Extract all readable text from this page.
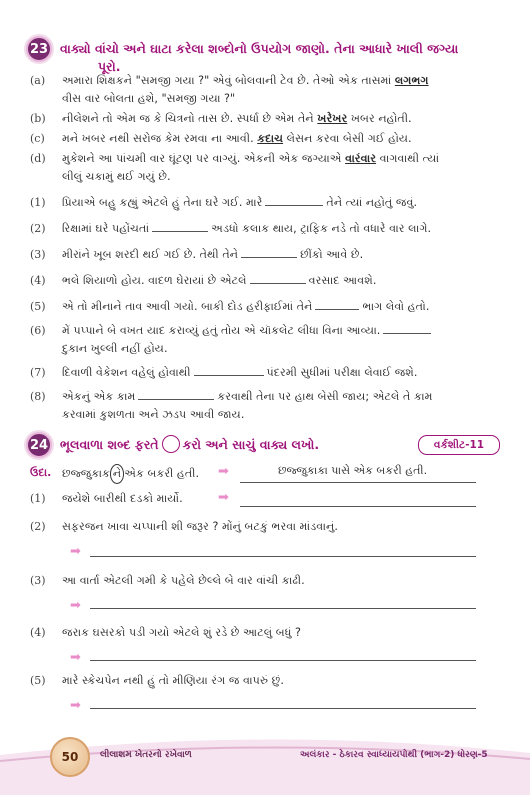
23 વાક્યો વાંચો અને ઘાટા કરેલા શબ્દોનો ઉપયોગ જાણો. તેના આધારે ખાલી જગ્યા
પૂરો.
(a)	અમારા શિક્ષકને "સમજી ગયા ?" એવું બોલવાની ટેવ છે. તેઓ એક તાસમાં લગભગ
વીસ વાર બોલતા હશે, "સમજી ગયા ?"
(b)	નીલેશને તો એમ જ કે ચિત્રનો તાસ છે. સ્પર્ધા છે એમ તેને ખરેખર ખબર નહોતી.
(c)	મને ખબર નથી સરોજ કેમ રમવા ના આવી. કદાચ લેસન કરવા બેસી ગઈ હોય.
(d)	મુકેશને આ પાંચમી વાર ઘૂંટણ પર વાગ્યું. એકની એક જગ્યાએ વારંવાર વાગવાથી ત્યાં
લીલું ચકામું થઈ ગયું છે.
(1)	પ્રિયાએ બહુ કહ્યું એટલે હું તેના ઘરે ગઈ. મારે	તેને ત્યાં નહોતું જવું.
(2)	રિક્ષામાં ઘરે પહોંચતાં	અડધો કલાક થાય, ટ્રાફિક નડે તો વધારે વાર લાગે.
(3)	મીરાંને ખૂબ શરદી થઈ ગઈ છે. તેથી તેને	છીંકો આવે છે.
(4)	ભલે શિયાળો હોય. વાદળ ઘેરાયાં છે એટલે	વરસાદ આવશે.
(5)	એ તો મીનાને તાવ આવી ગયો. બાકી દોડ હરીફાઈમાં તેને	ભાગ લેવો હતો.
(6)	મેં પપ્પાને બે વખત યાદ કરાવ્યું હતું તોય એ ચૉકલેટ લીધા વિના આવ્યા.
દુકાન ખુલ્લી નહીં હોય.
(7)	દિવાળી વેકેશન વહેલું હોવાથી	પંદરમી સુધીમાં પરીક્ષા લેવાઈ જશે.
(8)	એકનું એક કામ	કરવાથી તેના પર હાથ બેસી જાય; એટલે તે કામ
કરવામાં કુશળતા અને ઝડપ આવી જાય.
24 ભૂલવાળા શબ્દ ફરતે કરો અને સાચું વાક્ય લખો.	વર્કશીટ-11
ઉદા. છજ્જુકાક ને એક બકરી હતી.	➡	છજ્જુકાકા પાસે એક બકરી હતી.
(1)	જયેશે બારીથી દડકો માર્યો.	➡
(2)	સફરજન ખાવા ચપ્પાની શી જરૂર ? મોંનું બટકું ભરવા માંડવાનું.
➡
(3)	આ વાર્તા એટલી ગમી કે પહેલે છેલ્લે બે વાર વાંચી કાઢી.
➡
(4)	જરાક ઘસરકો પડી ગયો એટલે શું રડે છે આટલું બધું ?
➡
(5)	મારે સ્કેચપેન નથી હું તો મીણિયા રંગ જ વાપરું છું.
➡
50	લીલાશમ ખેતરનો રખેવાળ	અલંકાર - ઠેકારવ સ્વાધ્યાયપોથી (ભાગ-2) ધોરણ-5
